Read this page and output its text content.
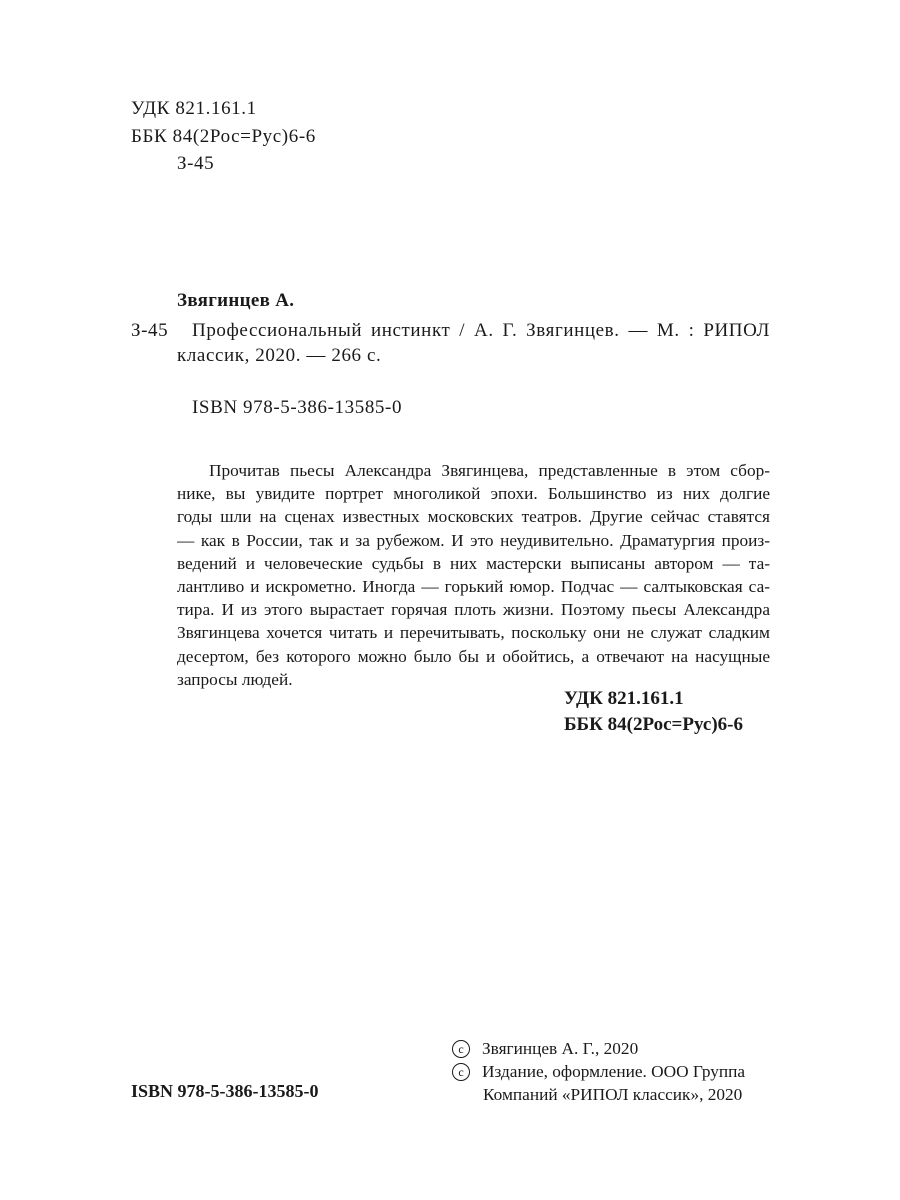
УДК 821.161.1
ББК 84(2Рос=Рус)6-6
З-45
Звягинцев А.
З-45 Профессиональный инстинкт / А. Г. Звягинцев. — М. : РИПОЛ
классик, 2020. — 266 с.
ISBN 978-5-386-13585-0
Прочитав пьесы Александра Звягинцева, представленные в этом сбор-
нике, вы увидите портрет многоликой эпохи. Большинство из них долгие
годы шли на сценах известных московских театров. Другие сейчас ставятся
— как в России, так и за рубежом. И это неудивительно. Драматургия произ-
ведений и человеческие судьбы в них мастерски выписаны автором — та-
лантливо и искрометно. Иногда — горький юмор. Подчас — салтыковская са-
тира. И из этого вырастает горячая плоть жизни. Поэтому пьесы Александра
Звягинцева хочется читать и перечитывать, поскольку они не служат сладким
десертом, без которого можно было бы и обойтись, а отвечают на насущные
запросы людей.
УДК 821.161.1
ББК 84(2Рос=Рус)6-6
ISBN 978-5-386-13585-0
c	Звягинцев А. Г., 2020
c	Издание, оформление. ООО Группа
Компаний «РИПОЛ классик», 2020
